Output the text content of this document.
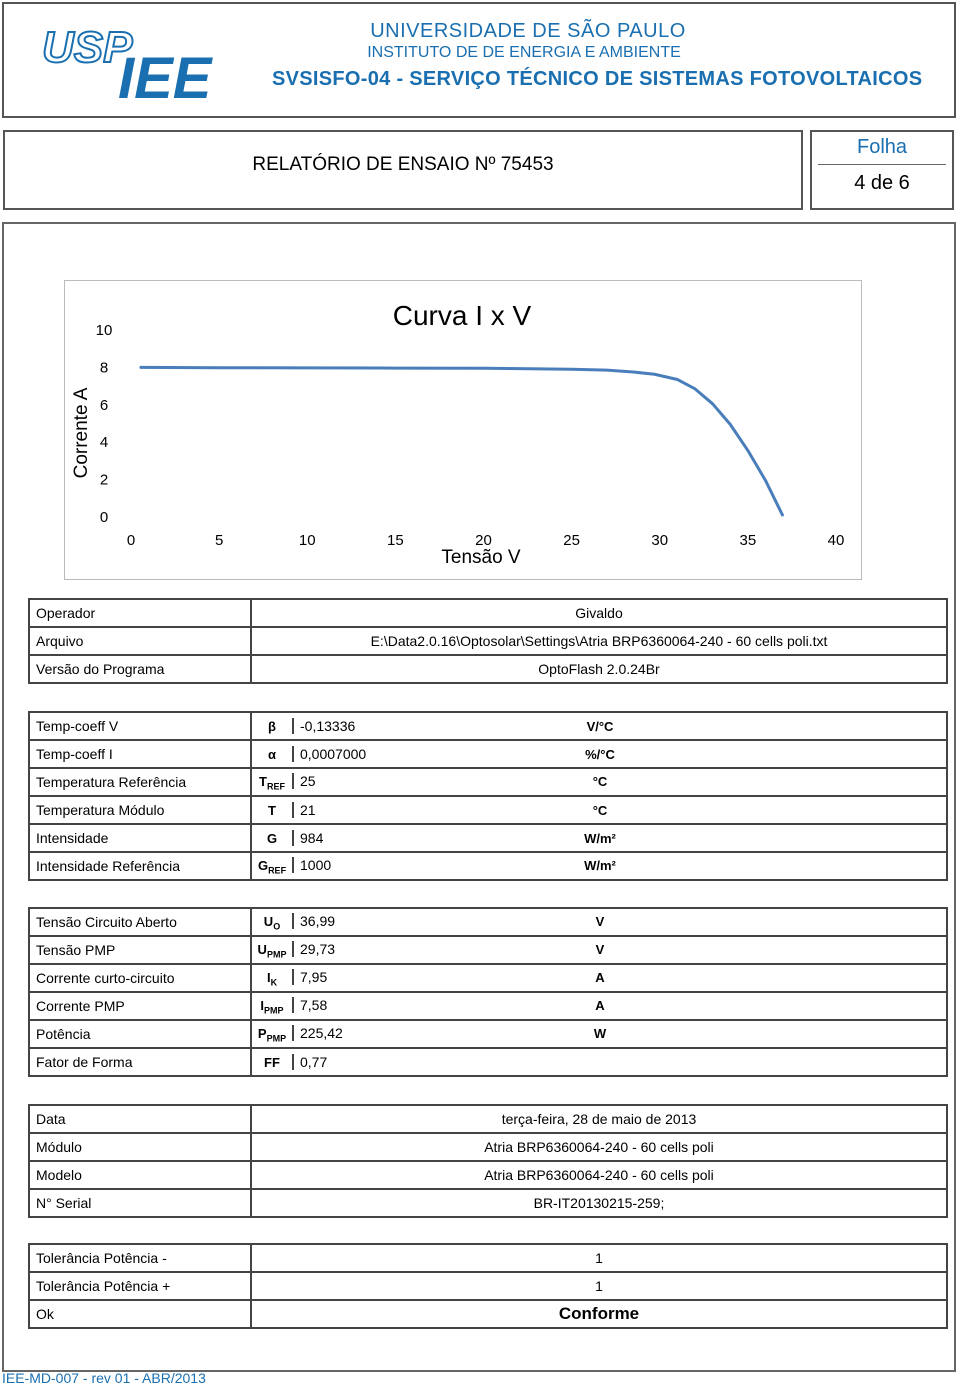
USP
IEE
UNIVERSIDADE DE SÃO PAULO
INSTITUTO DE DE ENERGIA E AMBIENTE
SVSISFO-04 - SERVIÇO TÉCNICO DE SISTEMAS FOTOVOLTAICOS
RELATÓRIO DE ENSAIO Nº 75453
Folha
4 de 6
Curva I x V
0
2
4
6
8
10
0	5	10	15	20	25	30	35	40
Tensão V
Corrente A
Operador	Givaldo
Arquivo	E:\Data2.0.16\Optosolar\Settings\Atria BRP6360064-240 - 60 cells poli.txt
Versão do Programa	OptoFlash 2.0.24Br
Temp-coeff V	β -0,13336 V/°C
Temp-coeff I	α 0,0007000 %/°C
Temperatura Referência	$T_{REF}$ 25 °C
Temperatura Módulo	T 21 °C
Intensidade	G 984 W/m²
Intensidade Referência	$G_{REF}$ 1000 W/m²
Tensão Circuito Aberto	$U_O$ 36,99 V
Tensão PMP	$U_{PMP}$ 29,73 V
Corrente curto-circuito	$I_K$ 7,95 A
Corrente PMP	$I_{PMP}$ 7,58 A
Potência	$P_{PMP}$ 225,42 W
Fator de Forma	FF 0,77
Data	terça-feira, 28 de maio de 2013
Módulo	Atria BRP6360064-240 - 60 cells poli
Modelo	Atria BRP6360064-240 - 60 cells poli
N° Serial	BR-IT20130215-259;
Tolerância Potência -	1
Tolerância Potência +	1
Ok	Conforme
IEE-MD-007 - rev 01 - ABR/2013
